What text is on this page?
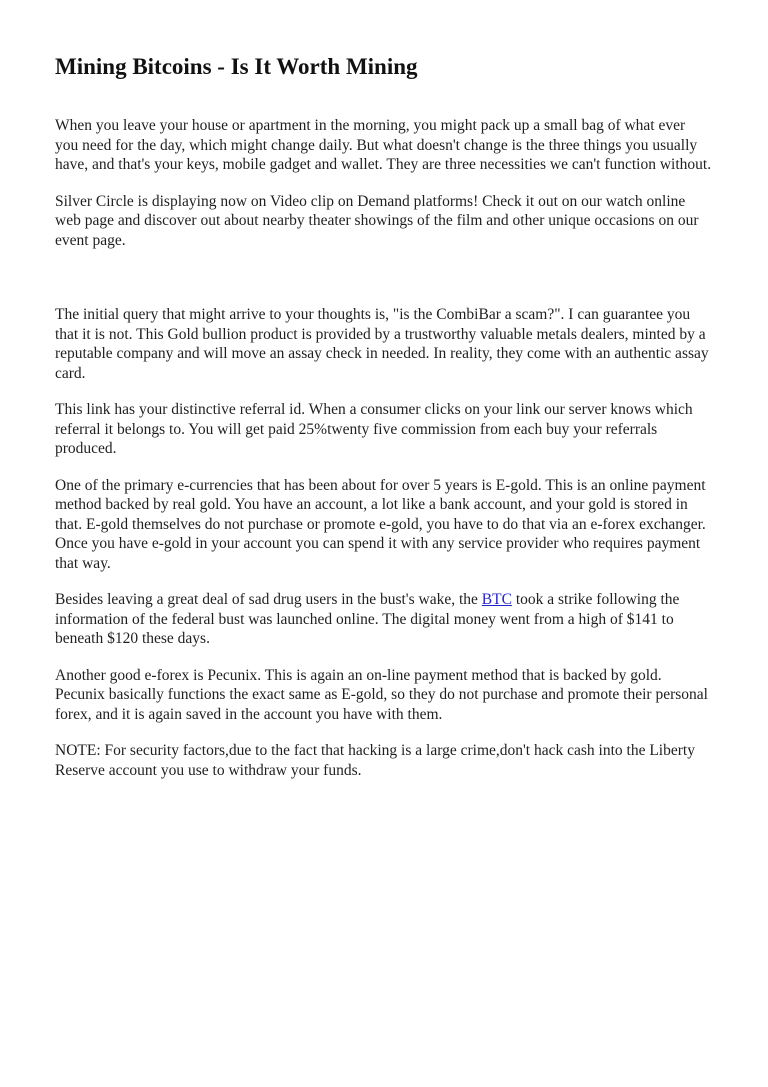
Mining Bitcoins - Is It Worth Mining

When you leave your house or apartment in the morning, you might pack up a small bag of what ever you need for the day, which might change daily. But what doesn't change is the three things you usually have, and that's your keys, mobile gadget and wallet. They are three necessities we can't function without.

Silver Circle is displaying now on Video clip on Demand platforms! Check it out on our watch online web page and discover out about nearby theater showings of the film and other unique occasions on our event page.

The initial query that might arrive to your thoughts is, "is the CombiBar a scam?". I can guarantee you that it is not. This Gold bullion product is provided by a trustworthy valuable metals dealers, minted by a reputable company and will move an assay check in needed. In reality, they come with an authentic assay card.

This link has your distinctive referral id. When a consumer clicks on your link our server knows which referral it belongs to. You will get paid 25%twenty five commission from each buy your referrals produced.

One of the primary e-currencies that has been about for over 5 years is E-gold. This is an online payment method backed by real gold. You have an account, a lot like a bank account, and your gold is stored in that. E-gold themselves do not purchase or promote e-gold, you have to do that via an e-forex exchanger. Once you have e-gold in your account you can spend it with any service provider who requires payment that way.

Besides leaving a great deal of sad drug users in the bust's wake, the BTC took a strike following the information of the federal bust was launched online. The digital money went from a high of $141 to beneath $120 these days.

Another good e-forex is Pecunix. This is again an on-line payment method that is backed by gold. Pecunix basically functions the exact same as E-gold, so they do not purchase and promote their personal forex, and it is again saved in the account you have with them.

NOTE: For security factors,due to the fact that hacking is a large crime,don't hack cash into the Liberty Reserve account you use to withdraw your funds.
